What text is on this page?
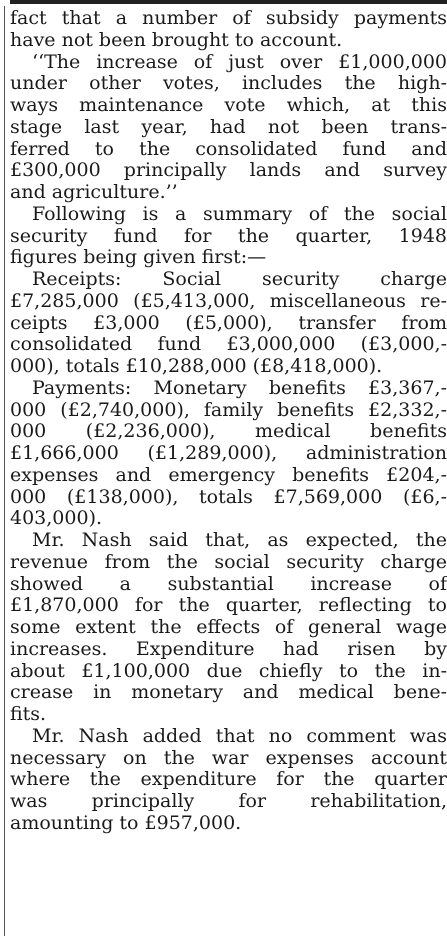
fact that a number of subsidy payments
have not been brought to account.
‘‘The increase of just over £1,000,000
under other votes, includes the high-
ways maintenance vote which, at this
stage last year, had not been trans-
ferred to the consolidated fund and
£300,000 principally lands and survey
and agriculture.’’
Following is a summary of the social
security fund for the quarter, 1948
figures being given first:—
Receipts: Social security charge
£7,285,000 (£5,413,000, miscellaneous re-
ceipts £3,000 (£5,000), transfer from
consolidated fund £3,000,000 (£3,000,-
000), totals £10,288,000 (£8,418,000).
Payments: Monetary benefits £3,367,-
000 (£2,740,000), family benefits £2,332,-
000 (£2,236,000), medical benefits
£1,666,000 (£1,289,000), administration
expenses and emergency benefits £204,-
000 (£138,000), totals £7,569,000 (£6,-
403,000).
Mr. Nash said that, as expected, the
revenue from the social security charge
showed a substantial increase of
£1,870,000 for the quarter, reflecting to
some extent the effects of general wage
increases. Expenditure had risen by
about £1,100,000 due chiefly to the in-
crease in monetary and medical bene-
fits.
Mr. Nash added that no comment was
necessary on the war expenses account
where the expenditure for the quarter
was principally for rehabilitation,
amounting to £957,000.
